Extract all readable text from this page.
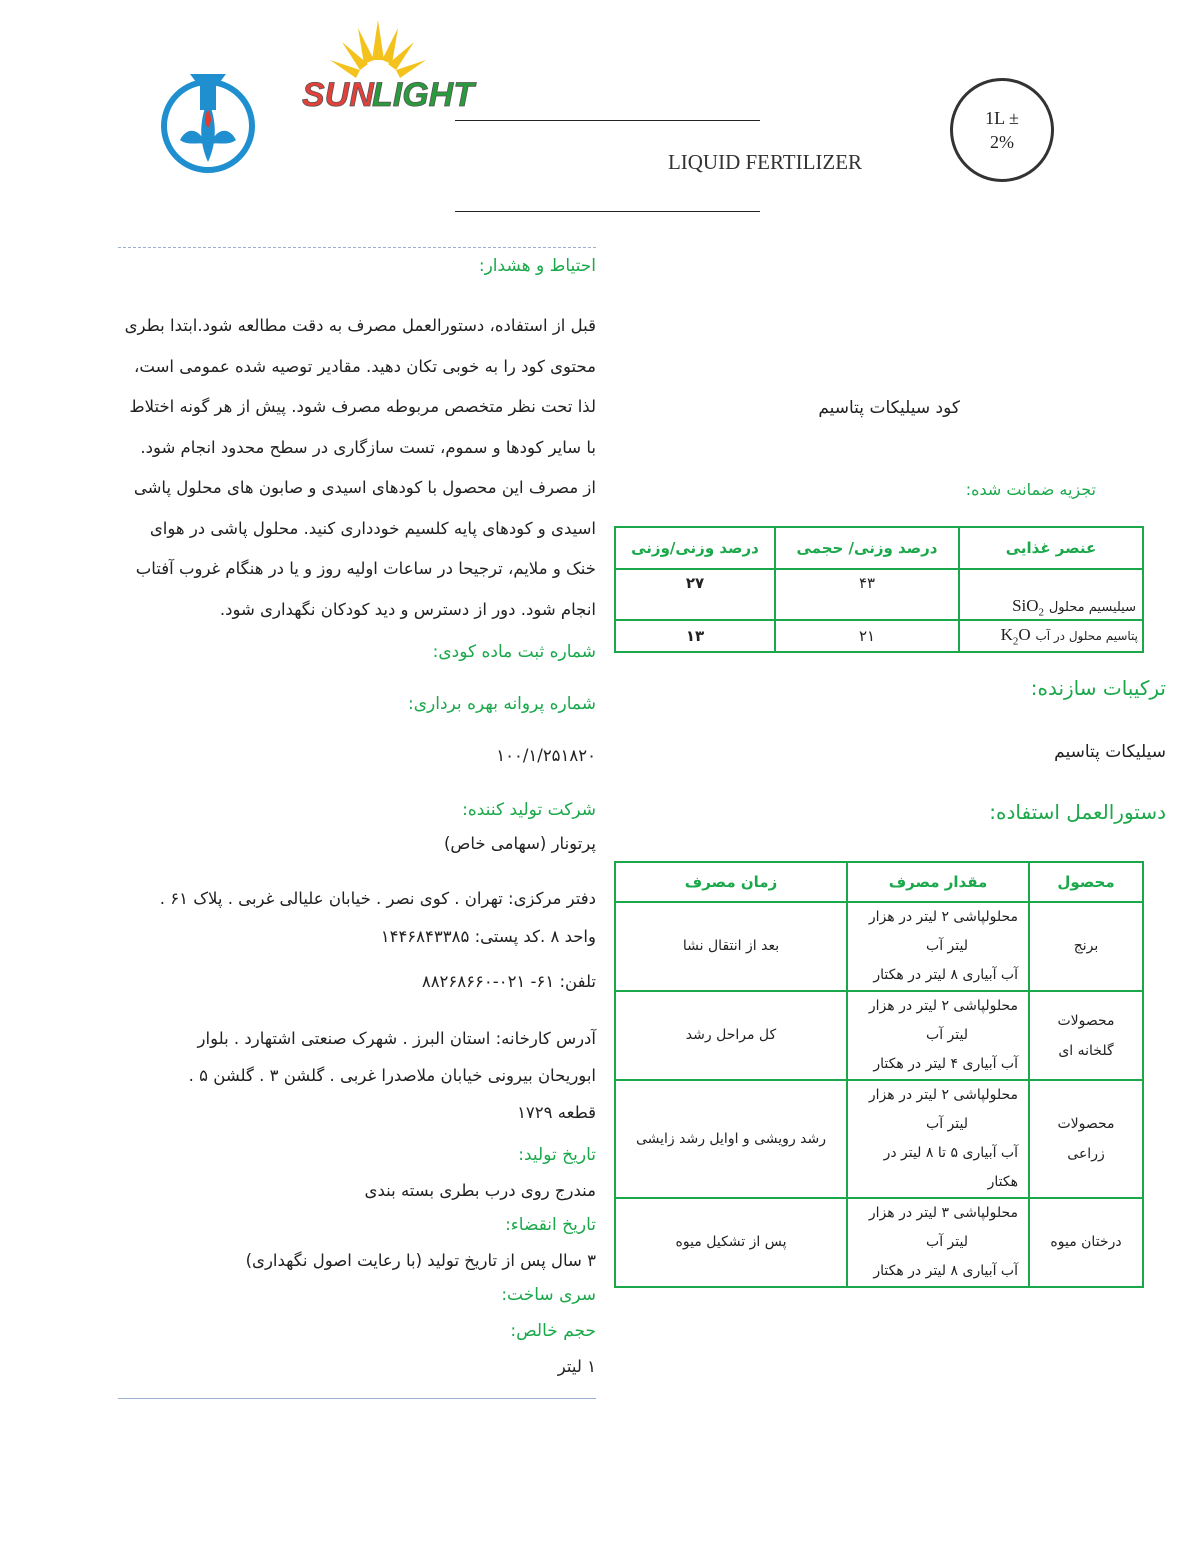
SUN
LIGHT
LIQUID FERTILIZER
1L ±
2%
احتیاط و هشدار:
قبل از استفاده، دستورالعمل مصرف به دقت مطالعه شود.ابتدا بطری
محتوی کود را به خوبی تکان دهید. مقادیر توصیه شده عمومی است،
لذا تحت نظر متخصص مربوطه مصرف شود. پیش از هر گونه اختلاط
با سایر کودها و سموم، تست سازگاری در سطح محدود انجام شود.
از مصرف این محصول با کودهای اسیدی و صابون های محلول پاشی
اسیدی و کودهای پایه کلسیم خودداری کنید. محلول پاشی در هوای
خنک و ملایم، ترجیحا در ساعات اولیه روز و یا در هنگام غروب آفتاب
انجام شود. دور از دسترس و دید کودکان نگهداری شود.
شماره ثبت ماده کودی:
شماره پروانه بهره برداری:
۱۰۰/۱/۲۵۱۸۲۰
شرکت تولید کننده:
پرتونار (سهامی خاص)
دفتر مرکزی: تهران . کوی نصر . خیابان علیالی غربی . پلاک ۶۱ .
واحد ۸ .کد پستی: ۱۴۴۶۸۴۳۳۸۵
تلفن: ۶۱- ۰۲۱-۸۸۲۶۸۶۶۰
آدرس کارخانه: استان البرز . شهرک صنعتی اشتهارد . بلوار
ابوریحان بیرونی خیابان ملاصدرا غربی . گلشن ۳ . گلشن ۵ .
قطعه ۱۷۲۹
تاریخ تولید:
مندرج روی درب بطری بسته بندی
تاریخ انقضاء:
۳ سال پس از تاریخ تولید (با رعایت اصول نگهداری)
سری ساخت:
حجم خالص:
۱ لیتر
کود سیلیکات پتاسیم
تجزیه ضمانت شده:
عنصر غذایی	درصد وزنی/ حجمی	درصد وزنی/وزنی
سیلیسیم محلول SiO$_2$	۴۳	۲۷
پتاسیم محلول در آب $K_2O$	۲۱	۱۳
ترکیبات سازنده:
سیلیکات پتاسیم
دستورالعمل استفاده:
محصول	مقدار مصرف	زمان مصرف
برنج	محلولپاشی ۲ لیتر در هزار
لیتر آب
آب آبیاری ۸ لیتر در هکتار	بعد از انتقال نشا

محصولات گلخانه ای	محلولپاشی ۲ لیتر در هزار
لیتر آب
آب آبیاری ۴ لیتر در هکتار	کل مراحل رشد

محصولات زراعی	محلولپاشی ۲ لیتر در هزار
لیتر آب
آب آبیاری ۵ تا ۸ لیتر در
هکتار	رشد رویشی و اوایل رشد زایشی
درختان میوه	محلولپاشی ۳ لیتر در هزار
لیتر آب
آب آبیاری ۸ لیتر در هکتار	پس از تشکیل میوه
